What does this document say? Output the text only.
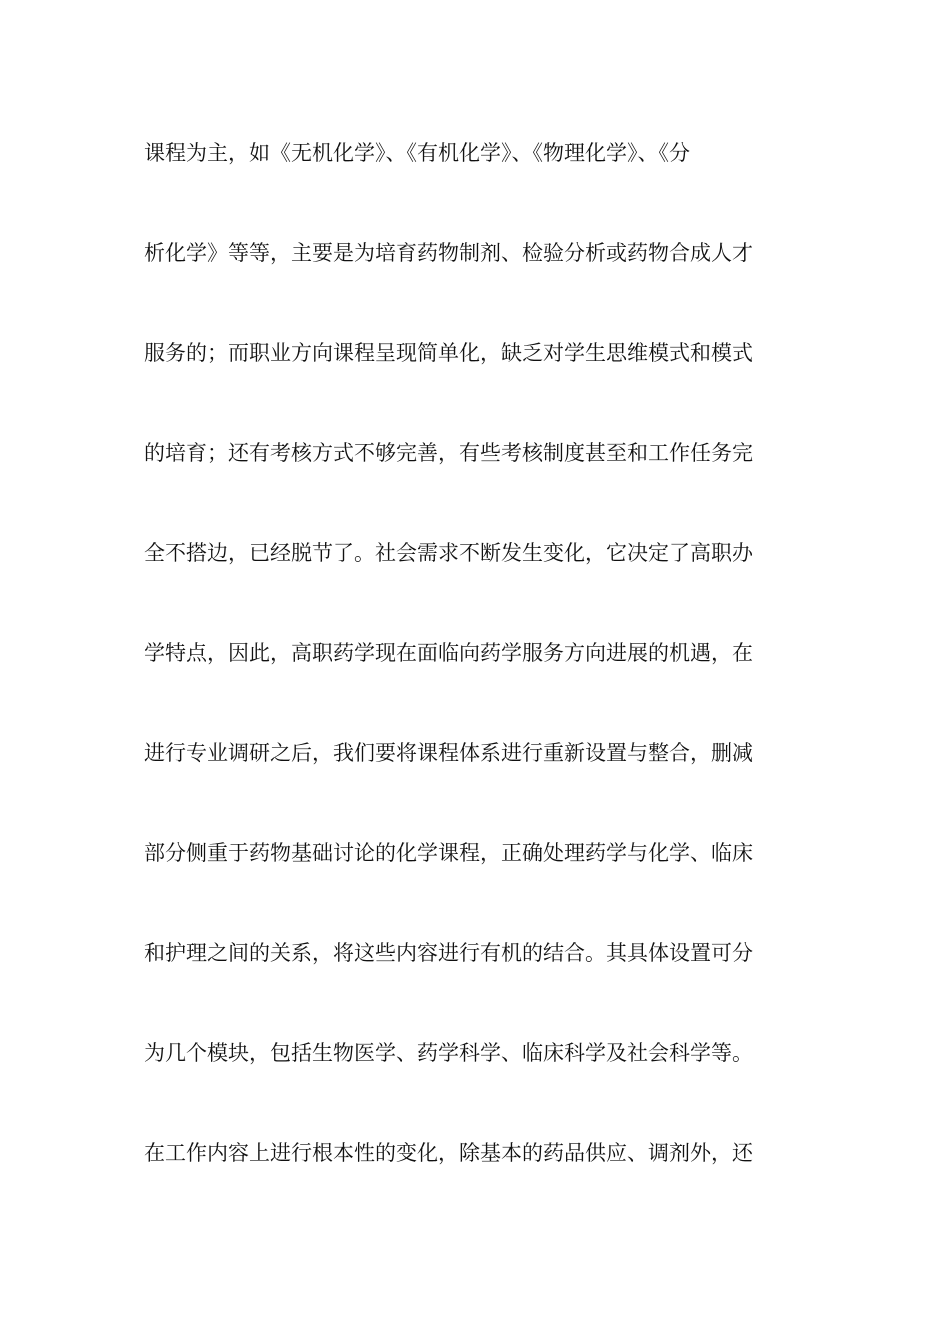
课程为主，如《无机化学》、《有机化学》、《物理化学》、《分
析化学》等等，主要是为培育药物制剂、检验分析或药物合成人才
服务的；而职业方向课程呈现简单化，缺乏对学生思维模式和模式
的培育；还有考核方式不够完善，有些考核制度甚至和工作任务完
全不搭边，已经脱节了。社会需求不断发生变化，它决定了高职办
学特点，因此，高职药学现在面临向药学服务方向进展的机遇，在
进行专业调研之后，我们要将课程体系进行重新设置与整合，删减
部分侧重于药物基础讨论的化学课程，正确处理药学与化学、临床
和护理之间的关系，将这些内容进行有机的结合。其具体设置可分
为几个模块，包括生物医学、药学科学、临床科学及社会科学等。
在工作内容上进行根本性的变化，除基本的药品供应、调剂外，还
